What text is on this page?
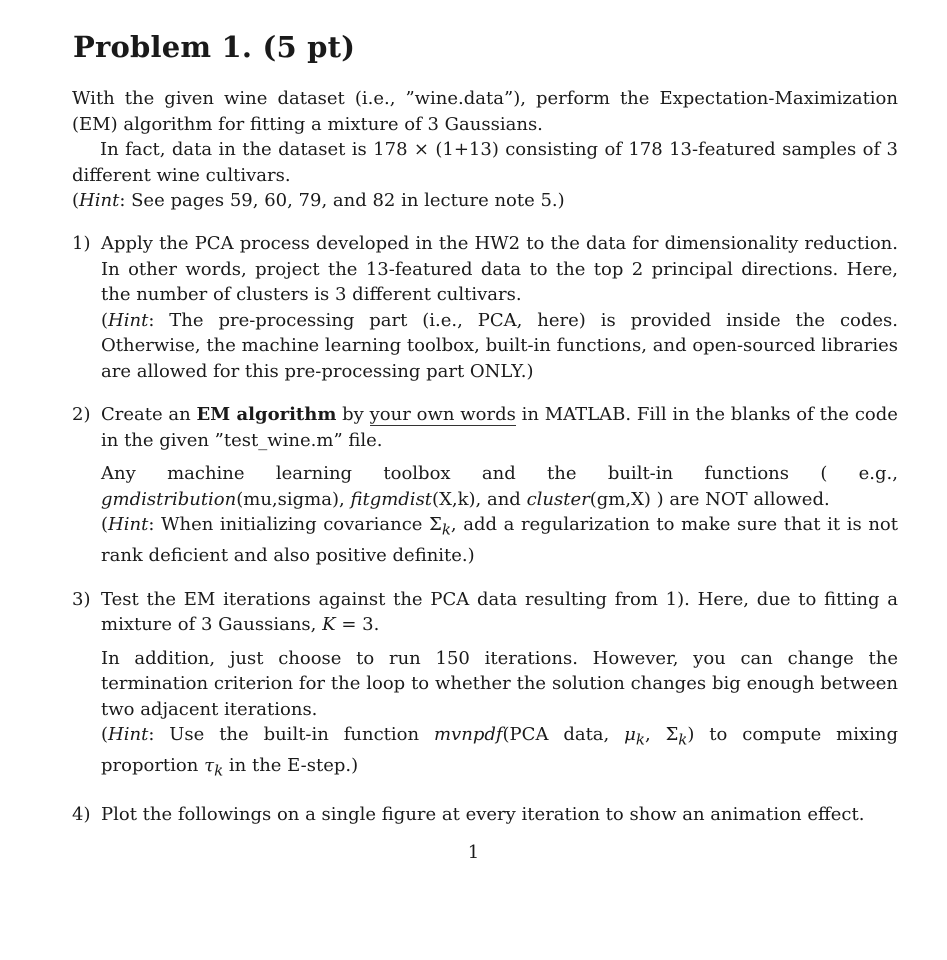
Problem 1. (5 pt)
With the given wine dataset (i.e., ”wine.data”), perform the Expectation-Maximization (EM) algorithm for fitting a mixture of 3 Gaussians.
In fact, data in the dataset is 178 × (1+13) consisting of 178 13-featured samples of 3 different wine cultivars.
(Hint: See pages 59, 60, 79, and 82 in lecture note 5.)
1) Apply the PCA process developed in the HW2 to the data for dimensionality reduction. In other words, project the 13-featured data to the top 2 principal directions. Here, the number of clusters is 3 different cultivars.

(Hint: The pre-processing part (i.e., PCA, here) is provided inside the codes. Otherwise, the machine learning toolbox, built-in functions, and open-sourced libraries are allowed for this pre-processing part ONLY.)

2) Create an EM algorithm by your own words in MATLAB. Fill in the blanks of the code in the given ”test_wine.m” file.

Any machine learning toolbox and the built-in functions ( e.g., gmdistribution(mu,sigma), fitgmdist(X,k), and cluster(gm,X) ) are NOT allowed.

(Hint: When initializing covariance $\Sigma_k$, add a regularization to make sure that it is not rank deficient and also positive definite.)

3) Test the EM iterations against the PCA data resulting from 1). Here, due to fitting a mixture of 3 Gaussians, K = 3.

In addition, just choose to run 150 iterations. However, you can change the termination criterion for the loop to whether the solution changes big enough between two adjacent iterations.

(Hint: Use the built-in function mvnpdf(PCA data, $\mu_k$, $\Sigma_k$) to compute mixing proportion $\tau_k$ in the E-step.)

4) Plot the followings on a single figure at every iteration to show an animation effect.

1
